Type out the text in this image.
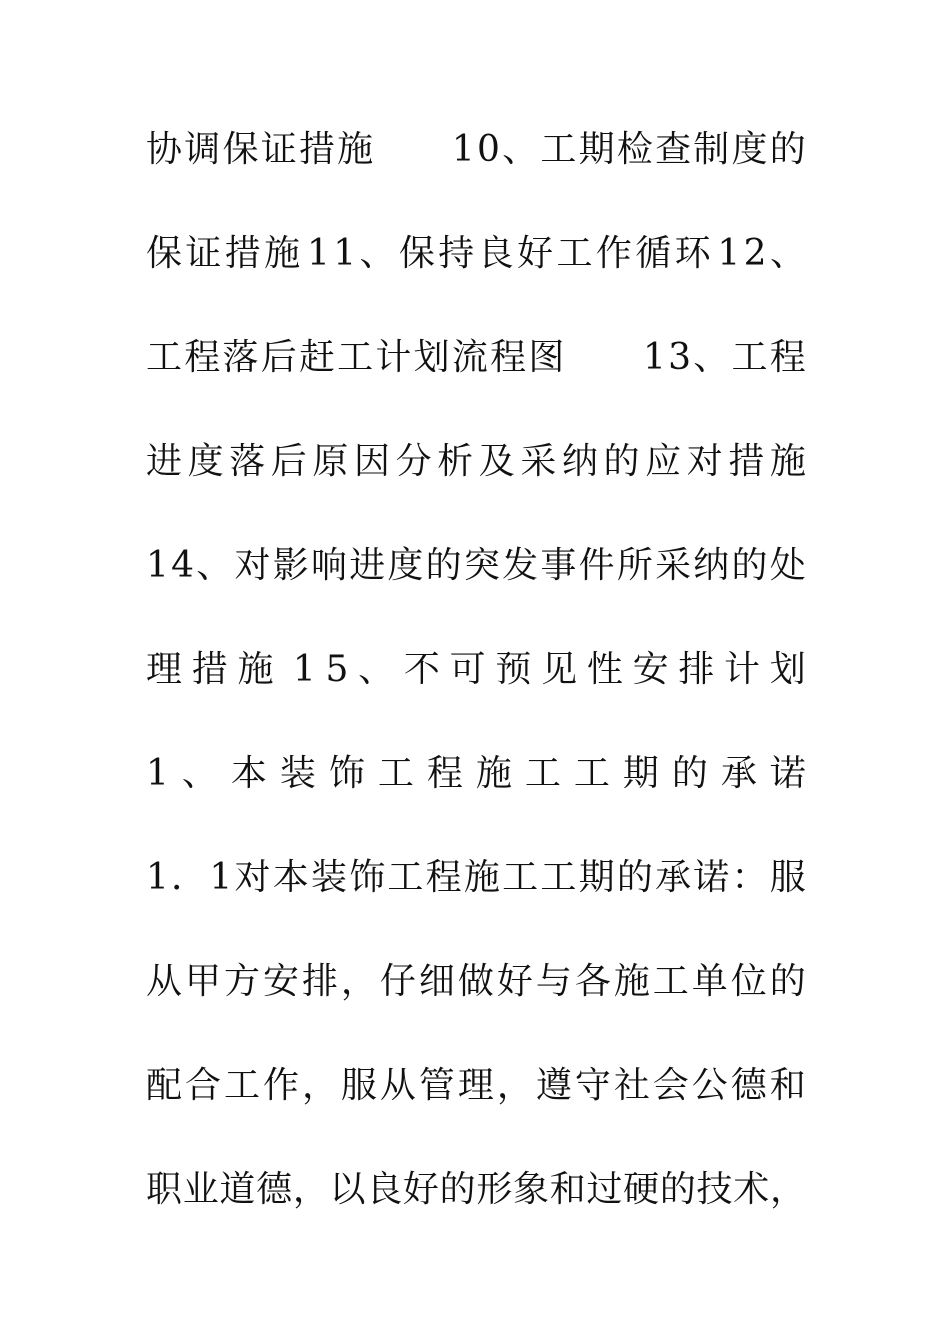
协 调 保 证 措 施

　 1 0 、 工 期 检 查 制 度 的
保 证 措 施 1 1 、 保 持 良 好 工 作 循 环 1 2 、
工 程 落 后 赶 工 计 划 流 程 图

　 1 3 、 工 程
进 度 落 后 原 因 分 析 及 采 纳 的 应 对 措 施
1 4 、 对 影 响 进 度 的 突 发 事 件 所 采 纳 的 处
理 措 施 1 5 、 不 可 预 见 性 安 排 计 划
1 、 本 装 饰 工 程 施 工 工 期 的 承 诺
1 ． 1 对 本 装 饰 工 程 施 工 工 期 的 承 诺 ： 服
从 甲 方 安 排 ， 仔 细 做 好 与 各 施 工 单 位 的
配 合 工 作 ， 服 从 管 理 ， 遵 守 社 会 公 德 和
职 业 道 德 ， 以 良 好 的 形 象 和 过 硬 的 技 术 ，
